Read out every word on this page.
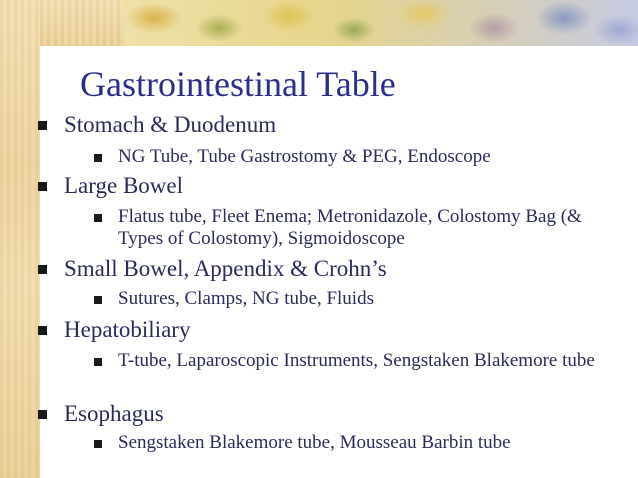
Gastrointestinal Table
Stomach & Duodenum
NG Tube, Tube Gastrostomy & PEG, Endoscope
Large Bowel
Flatus tube, Fleet Enema; Metronidazole, Colostomy Bag (& Types of Colostomy), Sigmoidoscope
Small Bowel, Appendix & Crohn’s
Sutures, Clamps, NG tube, Fluids
Hepatobiliary
T-tube, Laparoscopic Instruments, Sengstaken Blakemore tube
Esophagus
Sengstaken Blakemore tube, Mousseau Barbin tube
